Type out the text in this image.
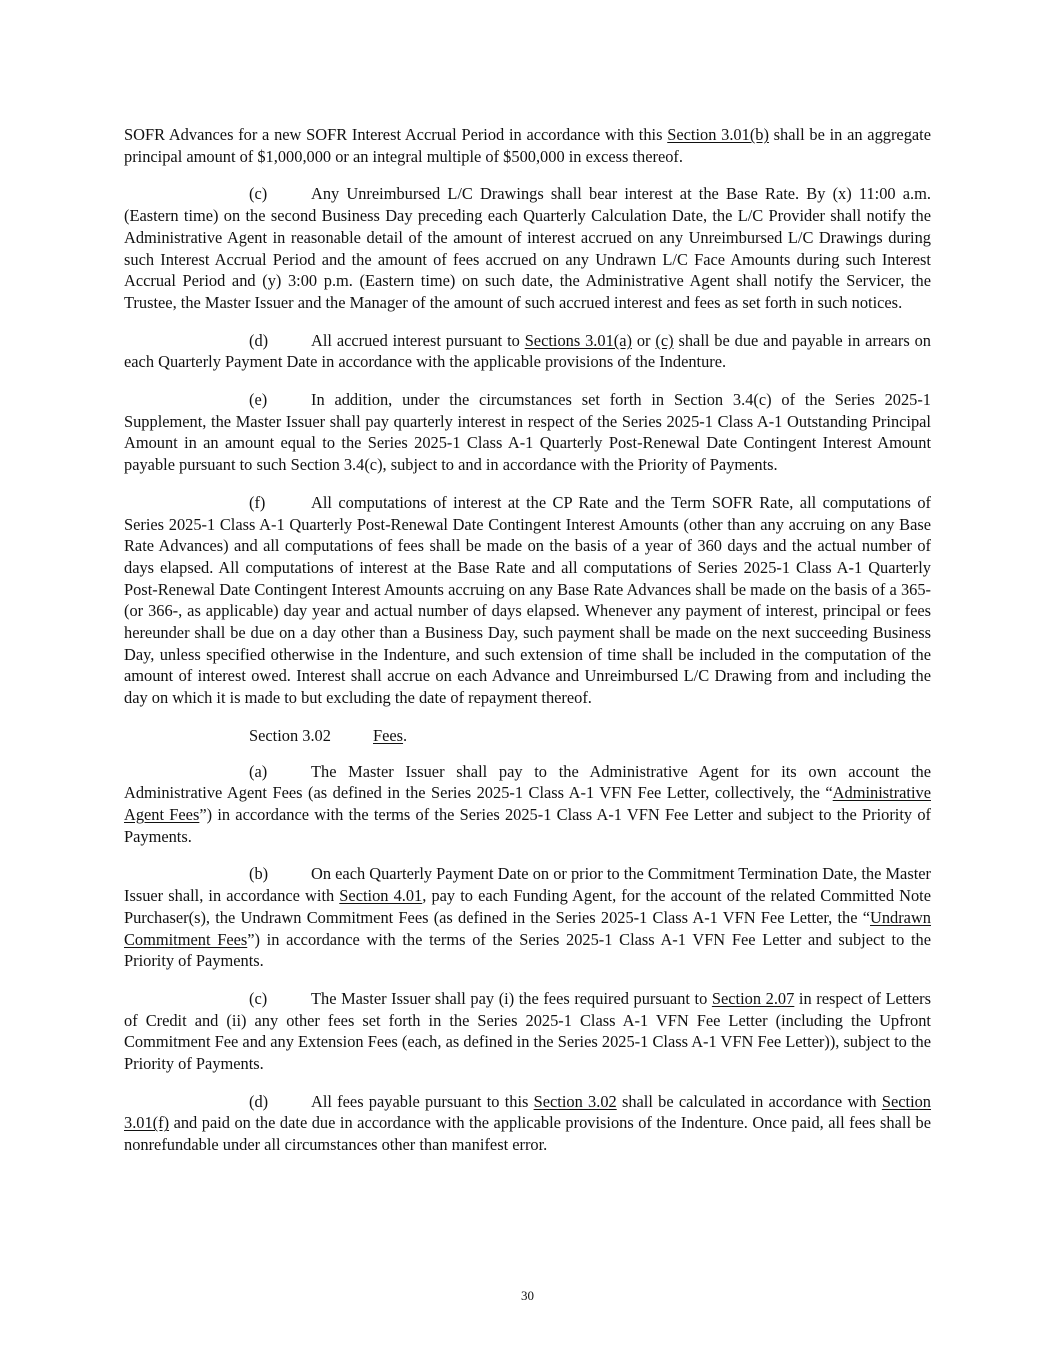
SOFR Advances for a new SOFR Interest Accrual Period in accordance with this Section 3.01(b) shall be in an aggregate principal amount of $1,000,000 or an integral multiple of $500,000 in excess thereof.

(c)	Any Unreimbursed L/C Drawings shall bear interest at the Base Rate. By (x) 11:00 a.m. (Eastern time) on the second Business Day preceding each Quarterly Calculation Date, the L/C Provider shall notify the Administrative Agent in reasonable detail of the amount of interest accrued on any Unreimbursed L/C Drawings during such Interest Accrual Period and the amount of fees accrued on any Undrawn L/C Face Amounts during such Interest Accrual Period and (y) 3:00 p.m. (Eastern time) on such date, the Administrative Agent shall notify the Servicer, the Trustee, the Master Issuer and the Manager of the amount of such accrued interest and fees as set forth in such notices.

(d)	All accrued interest pursuant to Sections 3.01(a) or (c) shall be due and payable in arrears on each Quarterly Payment Date in accordance with the applicable provisions of the Indenture.

(e)	In addition, under the circumstances set forth in Section 3.4(c) of the Series 2025-1 Supplement, the Master Issuer shall pay quarterly interest in respect of the Series 2025-1 Class A-1 Outstanding Principal Amount in an amount equal to the Series 2025-1 Class A-1 Quarterly Post-Renewal Date Contingent Interest Amount payable pursuant to such Section 3.4(c), subject to and in accordance with the Priority of Payments.

(f)	All computations of interest at the CP Rate and the Term SOFR Rate, all computations of Series 2025-1 Class A-1 Quarterly Post-Renewal Date Contingent Interest Amounts (other than any accruing on any Base Rate Advances) and all computations of fees shall be made on the basis of a year of 360 days and the actual number of days elapsed. All computations of interest at the Base Rate and all computations of Series 2025-1 Class A-1 Quarterly Post-Renewal Date Contingent Interest Amounts accruing on any Base Rate Advances shall be made on the basis of a 365- (or 366-, as applicable) day year and actual number of days elapsed. Whenever any payment of interest, principal or fees hereunder shall be due on a day other than a Business Day, such payment shall be made on the next succeeding Business Day, unless specified otherwise in the Indenture, and such extension of time shall be included in the computation of the amount of interest owed. Interest shall accrue on each Advance and Unreimbursed L/C Drawing from and including the day on which it is made to but excluding the date of repayment thereof.

Section 3.02	Fees.

(a)	The Master Issuer shall pay to the Administrative Agent for its own account the Administrative Agent Fees (as defined in the Series 2025-1 Class A-1 VFN Fee Letter, collectively, the “Administrative Agent Fees”) in accordance with the terms of the Series 2025-1 Class A-1 VFN Fee Letter and subject to the Priority of Payments.

(b)	On each Quarterly Payment Date on or prior to the Commitment Termination Date, the Master Issuer shall, in accordance with Section 4.01, pay to each Funding Agent, for the account of the related Committed Note Purchaser(s), the Undrawn Commitment Fees (as defined in the Series 2025-1 Class A-1 VFN Fee Letter, the “Undrawn Commitment Fees”) in accordance with the terms of the Series 2025-1 Class A-1 VFN Fee Letter and subject to the Priority of Payments.

(c)	The Master Issuer shall pay (i) the fees required pursuant to Section 2.07 in respect of Letters of Credit and (ii) any other fees set forth in the Series 2025-1 Class A-1 VFN Fee Letter (including the Upfront Commitment Fee and any Extension Fees (each, as defined in the Series 2025-1 Class A-1 VFN Fee Letter)), subject to the Priority of Payments.

(d)	All fees payable pursuant to this Section 3.02 shall be calculated in accordance with Section 3.01(f) and paid on the date due in accordance with the applicable provisions of the Indenture. Once paid, all fees shall be nonrefundable under all circumstances other than manifest error.

30
